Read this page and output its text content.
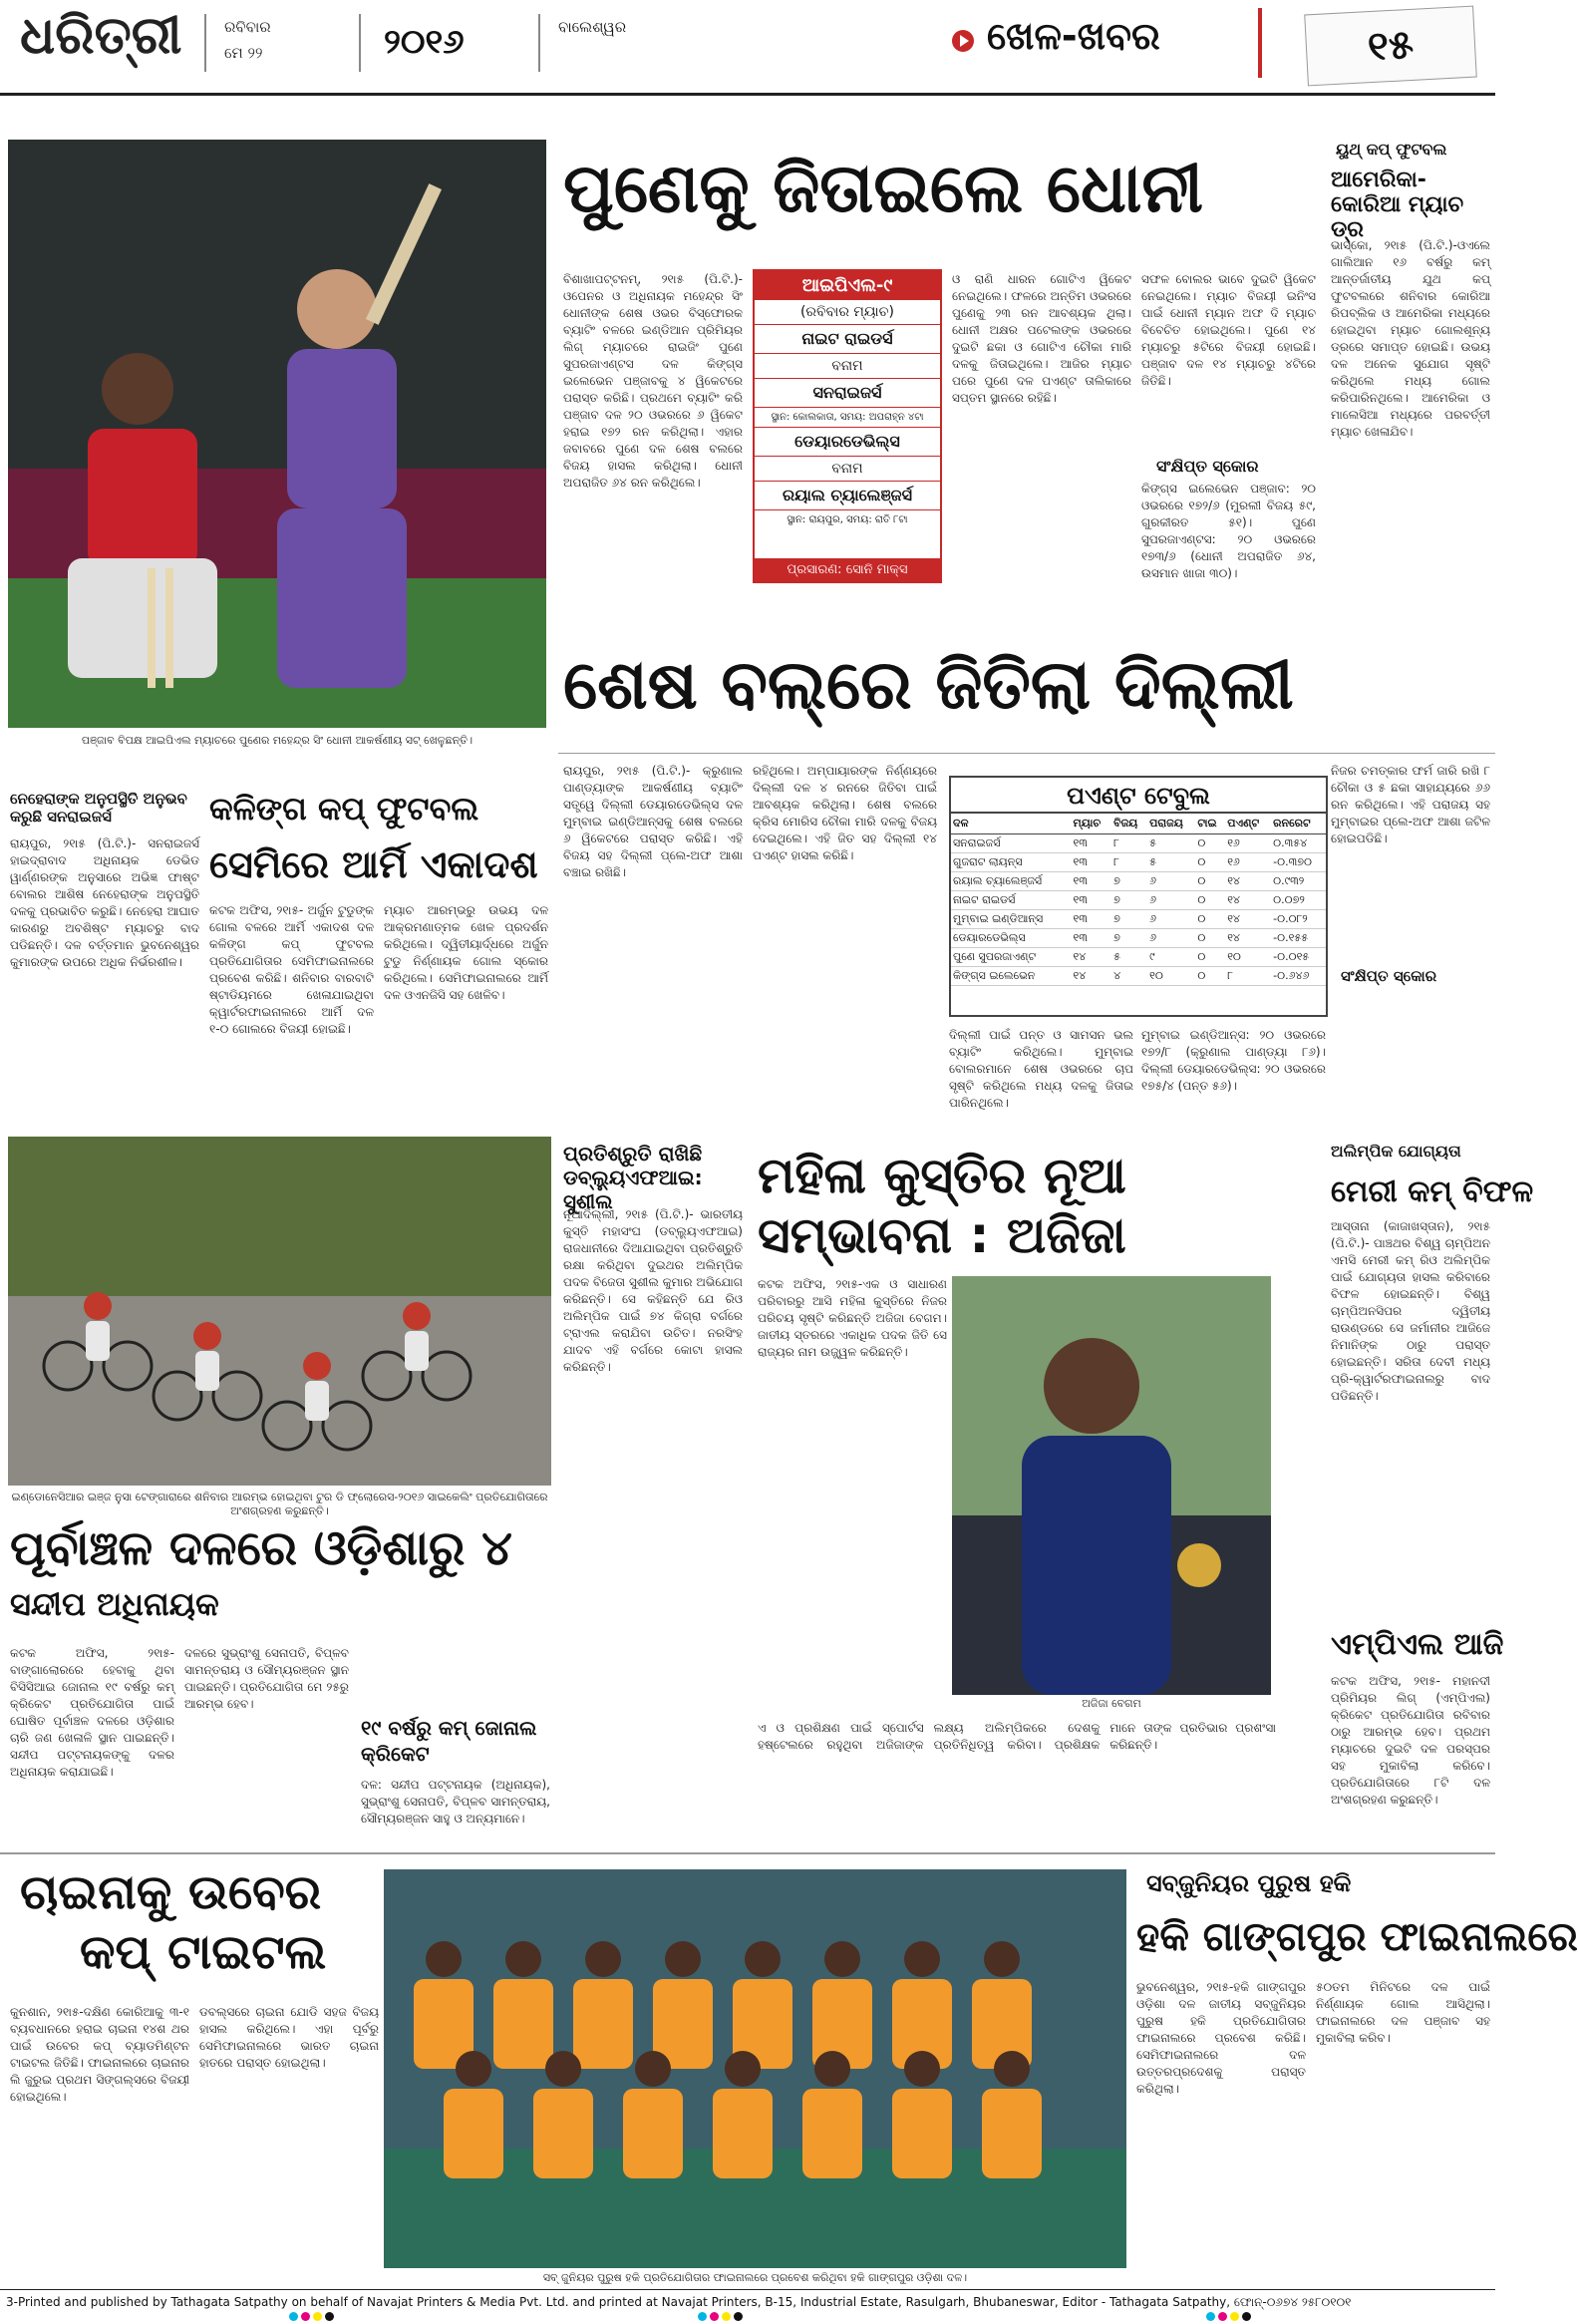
ଧରିତ୍ରୀ	ରବିବାର
ମେ ୨୨	୨୦୧୬	ବାଲେଶ୍ୱର	ଖେଳ-ଖବର	୧୫
ପଞ୍ଜାବ ବିପକ୍ଷ ଆଇପିଏଲ ମ୍ୟାଚରେ ପୁଣେର ମହେନ୍ଦ୍ର ସିଂ ଧୋନୀ ଆକର୍ଷଣୀୟ ସଟ୍‌ ଖେଳୁଛନ୍ତି।
ପୁଣେକୁ ଜିତାଇଲେ ଧୋନୀ
ବିଶାଖାପଟ୍ଟନମ୍‌, ୨୧ା୫ (ପି.ଟି.)- ଓପେନର ଓ ଅଧିନାୟକ ମହେନ୍ଦ୍ର ସିଂ ଧୋନୀଙ୍କ ଶେଷ ଓଭର ବିସ୍ଫୋରକ ବ୍ୟାଟିଂ ବଳରେ ଇଣ୍ଡିଆନ ପ୍ରିମିୟର ଲିଗ୍‌ ମ୍ୟାଚରେ ରାଇଜିଂ ପୁଣେ ସୁପରଜାଏଣ୍ଟସ ଦଳ କିଙ୍ଗ୍‌ସ ଇଲେଭେନ ପଞ୍ଜାବକୁ ୪ ୱିକେଟରେ ପରାସ୍ତ କରିଛି। ପ୍ରଥମେ ବ୍ୟାଟିଂ କରି ପଞ୍ଜାବ ଦଳ ୨୦ ଓଭରରେ ୬ ୱିକେଟ ହରାଇ ୧୭୨ ରନ କରିଥିଲା। ଏହାର ଜବାବରେ ପୁଣେ ଦଳ ଶେଷ ବଲରେ ବିଜୟ ହାସଲ କରିଥିଲା। ଧୋନୀ ଅପରାଜିତ ୬୪ ରନ କରିଥିଲେ।
ଆଇପିଏଲ-୯
(ରବିବାର ମ୍ୟାଚ)
ନାଇଟ ରାଇଡର୍ସ
ବନାମ
ସନରାଇଜର୍ସ
ସ୍ଥାନ: କୋଲକାତା, ସମୟ: ଅପରାହ୍ନ ୪ଟା
ଡେୟାରଡେଭିଲ୍ସ
ବନାମ
ରୟାଲ ଚ୍ୟାଲେଞ୍ଜର୍ସ
ସ୍ଥାନ: ରାୟପୁର, ସମୟ: ରାତି ୮ଟା
ପ୍ରସାରଣ: ସୋନି ମାକ୍ସ
ଓ ରାଣି ଧାରନ ଗୋଟିଏ ୱିକେଟ ନେଇଥିଲେ। ଫଳରେ ଅନ୍ତିମ ଓଭରରେ ପୁଣେକୁ ୨୩ ରନ ଆବଶ୍ୟକ ଥିଲା। ଧୋନୀ ଅକ୍ଷର ପଟେଲଙ୍କ ଓଭରରେ ଦୁଇଟି ଛକା ଓ ଗୋଟିଏ ଚୌକା ମାରି ଦଳକୁ ଜିତାଇଥିଲେ। ଆଜିର ମ୍ୟାଚ ପରେ ପୁଣେ ଦଳ ପଏଣ୍ଟ ତାଲିକାରେ ସପ୍ତମ ସ୍ଥାନରେ ରହିଛି।
ସଫଳ ବୋଲର ଭାବେ ଦୁଇଟି ୱିକେଟ ନେଇଥିଲେ। ମ୍ୟାଚ ବିଜୟୀ ଇନିଂସ ପାଇଁ ଧୋନୀ ମ୍ୟାନ ଅଫ ଦି ମ୍ୟାଚ ବିବେଚିତ ହୋଇଥିଲେ। ପୁଣେ ୧୪ ମ୍ୟାଚରୁ ୫ଟିରେ ବିଜୟୀ ହୋଇଛି। ପଞ୍ଜାବ ଦଳ ୧୪ ମ୍ୟାଚରୁ ୪ଟିରେ ଜିତିଛି।
ସଂକ୍ଷିପ୍ତ ସ୍କୋର
କିଙ୍ଗ୍‌ସ ଇଲେଭେନ ପଞ୍ଜାବ: ୨୦ ଓଭରରେ ୧୭୨/୬ (ମୁରଲୀ ବିଜୟ ୫୯, ଗୁରକୀରତ ୫୧)। ପୁଣେ ସୁପରଜାଏଣ୍ଟସ: ୨୦ ଓଭରରେ ୧୭୩/୬ (ଧୋନୀ ଅପରାଜିତ ୬୪, ଉସମାନ ଖାଜା ୩୦)।
ୟୁଥ୍‌ କପ୍‌ ଫୁଟବଲ
ଆମେରିକା-କୋରିଆ ମ୍ୟାଚ ଡ୍ର
ଭାସ୍କୋ, ୨୧ା୫ (ପି.ଟି.)-ଓଏଲେ ଗାଲିଆନ ୧୬ ବର୍ଷରୁ କମ୍‌ ଆନ୍ତର୍ଜାତୀୟ ଯୁଥ କପ୍‌ ଫୁଟବଲରେ ଶନିବାର କୋରିଆ ରିପବ୍ଲିକ ଓ ଆମେରିକା ମଧ୍ୟରେ ହୋଇଥିବା ମ୍ୟାଚ ଗୋଲଶୂନ୍ୟ ଡ୍ରରେ ସମାପ୍ତ ହୋଇଛି। ଉଭୟ ଦଳ ଅନେକ ସୁଯୋଗ ସୃଷ୍ଟି କରିଥିଲେ ମଧ୍ୟ ଗୋଲ କରିପାରିନଥିଲେ। ଆମେରିକା ଓ ମାଲେସିଆ ମଧ୍ୟରେ ପରବର୍ତ୍ତୀ ମ୍ୟାଚ ଖେଳାଯିବ।
ଶେଷ ବଲ୍‌ରେ ଜିତିଲା ଦିଲ୍ଲୀ
ରାୟପୁର, ୨୧ା୫ (ପି.ଟି.)- କ୍ରୁଣାଲ ପାଣ୍ଡ୍ୟାଙ୍କ ଆକର୍ଷଣୀୟ ବ୍ୟାଟିଂ ସତ୍ତ୍ୱେ ଦିଲ୍ଲୀ ଡେୟାରଡେଭିଲ୍ସ ଦଳ ମୁମ୍ବାଇ ଇଣ୍ଡିଆନ୍ସକୁ ଶେଷ ବଲରେ ୬ ୱିକେଟରେ ପରାସ୍ତ କରିଛି। ଏହି ବିଜୟ ସହ ଦିଲ୍ଲୀ ପ୍ଲେ-ଅଫ ଆଶା ବଞ୍ଚାଇ ରଖିଛି।
ରହିଥିଲେ। ଅମ୍ପାୟାରଙ୍କ ନିର୍ଣ୍ଣୟରେ ଦିଲ୍ଲୀ ଦଳ ୪ ରନରେ ଜିତିବା ପାଇଁ ଆବଶ୍ୟକ କରିଥିଲା। ଶେଷ ବଲରେ କ୍ରିସ ମୋରିସ ଚୌକା ମାରି ଦଳକୁ ବିଜୟ ଦେଇଥିଲେ। ଏହି ଜିତ ସହ ଦିଲ୍ଲୀ ୧୪ ପଏଣ୍ଟ ହାସଲ କରିଛି।
ପଏଣ୍ଟ ଟେବୁଲ
ଦଳ	ମ୍ୟାଚ	ବିଜୟ	ପରାଜୟ	ଟାଇ	ପଏଣ୍ଟ	ରନରେଟ
ସନରାଇଜର୍ସ	୧୩	୮	୫	୦	୧୬	୦.୩୫୪
ଗୁଜରାଟ ଲାୟନ୍ସ	୧୩	୮	୫	୦	୧୬	-୦.୩୭୦
ରୟାଲ ଚ୍ୟାଲେଞ୍ଜର୍ସ	୧୩	୭	୬	୦	୧୪	୦.୯୩୨
ନାଇଟ ରାଇଡର୍ସ	୧୩	୭	୬	୦	୧୪	୦.୦୭୨
ମୁମ୍ବାଇ ଇଣ୍ଡିଆନ୍ସ	୧୩	୭	୬	୦	୧୪	-୦.୦୮୨
ଡେୟାରଡେଭିଲ୍ସ	୧୩	୭	୬	୦	୧୪	-୦.୧୫୫
ପୁଣେ ସୁପରଜାଏଣ୍ଟ	୧୪	୫	୯	୦	୧୦	-୦.୦୧୫
କିଙ୍ଗ୍‌ସ ଇଲେଭେନ	୧୪	୪	୧୦	୦	୮	-୦.୬୪୬
ଦିଲ୍ଲୀ ପାଇଁ ପନ୍ତ ଓ ସାମସନ ଭଲ ବ୍ୟାଟିଂ କରିଥିଲେ। ମୁମ୍ବାଇ ବୋଲରମାନେ ଶେଷ ଓଭରରେ ଚାପ ସୃଷ୍ଟି କରିଥିଲେ ମଧ୍ୟ ଦଳକୁ ଜିତାଇ ପାରିନଥିଲେ।
ମୁମ୍ବାଇ ଇଣ୍ଡିଆନ୍ସ: ୨୦ ଓଭରରେ ୧୭୨/୮ (କ୍ରୁଣାଲ ପାଣ୍ଡ୍ୟା ୮୬)। ଦିଲ୍ଲୀ ଡେୟାରଡେଭିଲ୍ସ: ୨୦ ଓଭରରେ ୧୭୫/୪ (ପନ୍ତ ୫୬)।
ନିଜର ଚମତ୍କାର ଫର୍ମ ଜାରି ରଖି ୮ ଚୌକା ଓ ୫ ଛକା ସାହାଯ୍ୟରେ ୬୬ ରନ କରିଥିଲେ। ଏହି ପରାଜୟ ସହ ମୁମ୍ବାଇର ପ୍ଲେ-ଅଫ ଆଶା ଜଟିଳ ହୋଇପଡିଛି।
ସଂକ୍ଷିପ୍ତ ସ୍କୋର
ନେହେରାଙ୍କ ଅନୁପସ୍ଥିତି ଅନୁଭବ କରୁଛି ସନରାଇଜର୍ସ
ରାୟପୁର, ୨୧ା୫ (ପି.ଟି.)- ସନରାଇଜର୍ସ ହାଇଦ୍ରାବାଦ ଅଧିନାୟକ ଡେଭିଡ ୱାର୍ଣ୍ଣରଙ୍କ ଅନୁସାରେ ଅଭିଜ୍ଞ ଫାଷ୍ଟ ବୋଲର ଆଶିଷ ନେହେରାଙ୍କ ଅନୁପସ୍ଥିତି ଦଳକୁ ପ୍ରଭାବିତ କରୁଛି। ନେହେରା ଆଘାତ କାରଣରୁ ଅବଶିଷ୍ଟ ମ୍ୟାଚରୁ ବାଦ ପଡିଛନ୍ତି। ଦଳ ବର୍ତ୍ତମାନ ଭୁବନେଶ୍ୱର କୁମାରଙ୍କ ଉପରେ ଅଧିକ ନିର୍ଭରଶୀଳ।
କଳିଙ୍ଗ କପ୍‌ ଫୁଟବଲ
ସେମିରେ ଆର୍ମି ଏକାଦଶ
କଟକ ଅଫିସ, ୨୧ା୫- ଅର୍ଜୁନ ଟୁଡୁଙ୍କ ଗୋଲ ବଳରେ ଆର୍ମି ଏକାଦଶ ଦଳ କଳିଙ୍ଗ କପ୍‌ ଫୁଟବଲ ପ୍ରତିଯୋଗିତାର ସେମିଫାଇନାଲରେ ପ୍ରବେଶ କରିଛି। ଶନିବାର ବାରବାଟି ଷ୍ଟାଡିୟମରେ ଖେଳାଯାଇଥିବା କ୍ୱାର୍ଟରଫାଇନାଲରେ ଆର୍ମି ଦଳ ୧-୦ ଗୋଲରେ ବିଜୟୀ ହୋଇଛି।
ମ୍ୟାଚ ଆରମ୍ଭରୁ ଉଭୟ ଦଳ ଆକ୍ରମଣାତ୍ମକ ଖେଳ ପ୍ରଦର୍ଶନ କରିଥିଲେ। ଦ୍ୱିତୀୟାର୍ଦ୍ଧରେ ଅର୍ଜୁନ ଟୁଡୁ ନିର୍ଣ୍ଣାୟକ ଗୋଲ ସ୍କୋର କରିଥିଲେ। ସେମିଫାଇନାଲରେ ଆର୍ମି ଦଳ ଓଏନଜିସି ସହ ଖେଳିବ।
ଇଣ୍ଡୋନେସିଆର ଇଞ୍ଜ ନୁସା ଟେଙ୍ଗାରାରେ ଶନିବାର ଆରମ୍ଭ ହୋଇଥିବା ଟୁର ଡି ଫ୍ଲୋରେସ-୨୦୧୬ ସାଇକେଲିଂ ପ୍ରତିଯୋଗିତାରେ ଅଂଶଗ୍ରହଣ କରୁଛନ୍ତି।
ପ୍ରତିଶ୍ରୁତି ରାଖିଛି ଡବ୍ଲ୍ୟୁଏଫଆଇ: ସୁଶୀଲ
ନୂଆଦିଲ୍ଲୀ, ୨୧ା୫ (ପି.ଟି.)- ଭାରତୀୟ କୁସ୍ତି ମହାସଂଘ (ଡବ୍ଲ୍ୟୁଏଫଆଇ) ରାଜଧାନୀରେ ଦିଆଯାଇଥିବା ପ୍ରତିଶ୍ରୁତି ରକ୍ଷା କରିଥିବା ଦୁଇଥର ଅଲିମ୍ପିକ ପଦକ ବିଜେତା ସୁଶୀଲ କୁମାର ଅଭିଯୋଗ କରିଛନ୍ତି। ସେ କହିଛନ୍ତି ଯେ ରିଓ ଅଲିମ୍ପିକ ପାଇଁ ୭୪ କିଗ୍ରା ବର୍ଗରେ ଟ୍ରାଏଲ କରାଯିବା ଉଚିତ। ନରସିଂହ ଯାଦବ ଏହି ବର୍ଗରେ କୋଟା ହାସଲ କରିଛନ୍ତି।
ମହିଳା କୁସ୍ତିର ନୂଆ
ସମ୍ଭାବନା : ଅଜିଜା
କଟକ ଅଫିସ, ୨୧ା୫-ଏକ ଓ ସାଧାରଣ ପରିବାରରୁ ଆସି ମହିଳା କୁସ୍ତିରେ ନିଜର ପରିଚୟ ସୃଷ୍ଟି କରିଛନ୍ତି ଅଜିଜା ବେଗମ। ଜାତୀୟ ସ୍ତରରେ ଏକାଧିକ ପଦକ ଜିତି ସେ ରାଜ୍ୟର ନାମ ଉଜ୍ଜ୍ୱଳ କରିଛନ୍ତି।
ଅଜିଜା ବେଗମ
ଏ ଓ ପ୍ରଶିକ୍ଷଣ ପାଇଁ ସ୍ପୋର୍ଟସ ହଷ୍ଟେଲରେ ରହୁଥିବା ଅଜିଜାଙ୍କ ଲକ୍ଷ୍ୟ ଅଲିମ୍ପିକରେ ଦେଶକୁ ପ୍ରତିନିଧିତ୍ୱ କରିବା। ପ୍ରଶିକ୍ଷକ ମାନେ ତାଙ୍କ ପ୍ରତିଭାର ପ୍ରଶଂସା କରିଛନ୍ତି।
ଅଲିମ୍ପିକ ଯୋଗ୍ୟତା
ମେରୀ କମ୍‌ ବିଫଳ
ଆସ୍ତାନା (କାଜାଖସ୍ତାନ), ୨୧ା୫ (ପି.ଟି.)- ପାଞ୍ଚଥର ବିଶ୍ୱ ଚାମ୍ପିଅନ ଏମସି ମେରୀ କମ୍‌ ରିଓ ଅଲିମ୍ପିକ ପାଇଁ ଯୋଗ୍ୟତା ହାସଲ କରିବାରେ ବିଫଳ ହୋଇଛନ୍ତି। ବିଶ୍ୱ ଚାମ୍ପିଅନସିପର ଦ୍ୱିତୀୟ ରାଉଣ୍ଡରେ ସେ ଜର୍ମାନୀର ଆଜିଜେ ନିମାନିଙ୍କ ଠାରୁ ପରାସ୍ତ ହୋଇଛନ୍ତି। ସରିତା ଦେବୀ ମଧ୍ୟ ପ୍ରି-କ୍ୱାର୍ଟରଫାଇନାଲରୁ ବାଦ ପଡିଛନ୍ତି।
ଏମ୍‌ପିଏଲ ଆଜି
କଟକ ଅଫିସ, ୨୧ା୫- ମହାନଦୀ ପ୍ରିମିୟର ଲିଗ୍‌ (ଏମ୍‌ପିଏଲ) କ୍ରିକେଟ ପ୍ରତିଯୋଗିତା ରବିବାର ଠାରୁ ଆରମ୍ଭ ହେବ। ପ୍ରଥମ ମ୍ୟାଚରେ ଦୁଇଟି ଦଳ ପରସ୍ପର ସହ ମୁକାବିଲା କରିବେ। ପ୍ରତିଯୋଗିତାରେ ୮ଟି ଦଳ ଅଂଶଗ୍ରହଣ କରୁଛନ୍ତି।
ପୂର୍ବାଞ୍ଚଳ ଦଳରେ ଓଡ଼ିଶାରୁ ୪
ସନ୍ଦୀପ ଅଧିନାୟକ
କଟକ ଅଫିସ, ୨୧ା୫-ବାଙ୍ଗାଲୋରରେ ହେବାକୁ ଥିବା ବିସିସିଆଇ ଜୋନାଲ ୧୯ ବର୍ଷରୁ କମ୍‌ କ୍ରିକେଟ ପ୍ରତିଯୋଗିତା ପାଇଁ ଘୋଷିତ ପୂର୍ବାଞ୍ଚଳ ଦଳରେ ଓଡ଼ିଶାର ଚାରି ଜଣ ଖେଳାଳି ସ୍ଥାନ ପାଇଛନ୍ତି। ସନ୍ଦୀପ ପଟ୍ଟନାୟକଙ୍କୁ ଦଳର ଅଧିନାୟକ କରାଯାଇଛି।
ଦଳରେ ସୁଭ୍ରାଂଶୁ ସେନାପତି, ବିପ୍ଳବ ସାମନ୍ତରାୟ ଓ ସୌମ୍ୟରଞ୍ଜନ ସ୍ଥାନ ପାଇଛନ୍ତି। ପ୍ରତିଯୋଗିତା ମେ ୨୫ରୁ ଆରମ୍ଭ ହେବ।
୧୯ ବର୍ଷରୁ କମ୍‌ ଜୋନାଲ କ୍ରିକେଟ
ଦଳ: ସନ୍ଦୀପ ପଟ୍ଟନାୟକ (ଅଧିନାୟକ), ସୁଭ୍ରାଂଶୁ ସେନାପତି, ବିପ୍ଳବ ସାମନ୍ତରାୟ, ସୌମ୍ୟରଞ୍ଜନ ସାହୁ ଓ ଅନ୍ୟମାନେ।
ଚାଇନାକୁ ଉବେର
କପ୍‌ ଟାଇଟଲ
କୁନଶାନ, ୨୧ା୫-ଦକ୍ଷିଣ କୋରିଆକୁ ୩-୧ ବ୍ୟବଧାନରେ ହରାଇ ଚାଇନା ୧୪ଶ ଥର ପାଇଁ ଉବେର କପ୍‌ ବ୍ୟାଡମିଣ୍ଟନ ଟାଇଟଲ ଜିତିଛି। ଫାଇନାଲରେ ଚାଇନାର ଲି ଜୁରୁଇ ପ୍ରଥମ ସିଙ୍ଗଲ୍ସରେ ବିଜୟୀ ହୋଇଥିଲେ।
ଡବଲ୍ସରେ ଚାଇନା ଯୋଡି ସହଜ ବିଜୟ ହାସଲ କରିଥିଲେ। ଏହା ପୂର୍ବରୁ ସେମିଫାଇନାଲରେ ଭାରତ ଚାଇନା ହାତରେ ପରାସ୍ତ ହୋଇଥିଲା।
ସବ୍‌ ଜୁନିୟର ପୁରୁଷ ହକି ପ୍ରତିଯୋଗିତାର ଫାଇନାଲରେ ପ୍ରବେଶ କରିଥିବା ହକି ଗାଙ୍ଗପୁର ଓଡ଼ିଶା ଦଳ।
ସବ୍‌ଜୁନିୟର ପୁରୁଷ ହକି
ହକି ଗାଙ୍ଗପୁର ଫାଇନାଲରେ
ଭୁବନେଶ୍ୱର, ୨୧ା୫-ହକି ଗାଙ୍ଗପୁର ଓଡ଼ିଶା ଦଳ ଜାତୀୟ ସବ୍‌ଜୁନିୟର ପୁରୁଷ ହକି ପ୍ରତିଯୋଗିତାର ଫାଇନାଲରେ ପ୍ରବେଶ କରିଛି। ସେମିଫାଇନାଲରେ ଦଳ ଉତ୍ତରପ୍ରଦେଶକୁ ପରାସ୍ତ କରିଥିଲା।
୫୦ତମ ମିନିଟରେ ଦଳ ପାଇଁ ନିର୍ଣ୍ଣାୟକ ଗୋଲ ଆସିଥିଲା। ଫାଇନାଲରେ ଦଳ ପଞ୍ଜାବ ସହ ମୁକାବିଲା କରିବ।
3-Printed and published by Tathagata Satpathy on behalf of Navajat Printers & Media Pvt. Ltd. and printed at Navajat Printers, B-15, Industrial Estate, Rasulgarh, Bhubaneswar, Editor - Tathagata Satpathy, ଫୋନ୍‌-୦୬୭୪ ୨୫୮୦୧୦୧
